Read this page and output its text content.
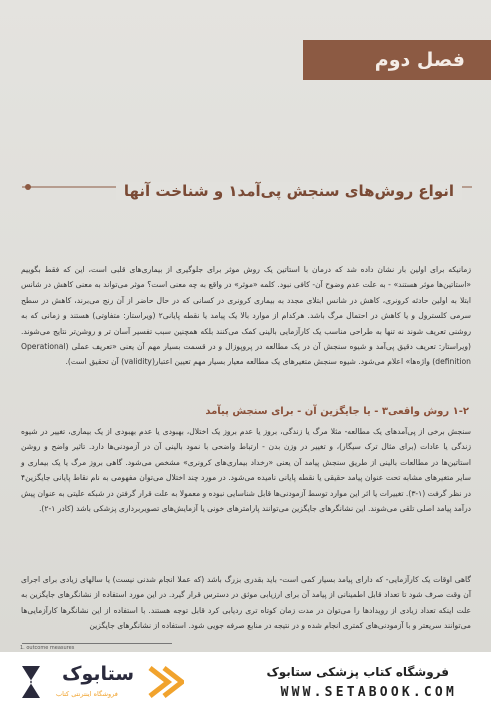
فصل دوم
انواع روش‌های سنجش پی‌آمد۱ و شناخت آنها
زمانیکه برای اولین بار نشان داده شد که درمان با استاتین یک روش موثر برای جلوگیری از بیماری‌های قلبی است، این که فقط بگوییم «استاتین‌ها موثر هستند» - به علت عدم وضوح آن- کافی نبود. کلمه «موثر» در واقع به چه معنی است؟ موثر می‌تواند به معنی کاهش در شانس ابتلا به اولین حادثه کرونری، کاهش در شانس ابتلای مجدد به بیماری کرونری در کسانی که در حال حاضر از آن رنج می‌برند، کاهش در سطح سرمی کلسترول و یا کاهش در احتمال مرگ باشد. هرکدام از موارد بالا یک پیامد یا نقطه پایانی۲ (ویراستار: متفاوتی) هستند و زمانی که به روشنی تعریف شوند نه تنها به طراحی مناسب یک کارآزمایی بالینی کمک می‌کنند بلکه همچنین سبب تفسیر آسان تر و روشن‌تر نتایج می‌شوند. (ویراستار: تعریف دقیق پی‌آمد و شیوه سنجش آن در یک مطالعه در پروپوزال و در قسمت بسیار مهم آن یعنی «تعریف عملی (Operational definition) واژه‌ها» اعلام می‌شود. شیوه سنجش متغیرهای یک مطالعه معیار بسیار مهم تعیین اعتبار(validity) آن تحقیق است).
۱-۲ روش واقعی۳ - یا جایگزین آن - برای سنجش پیآمد
سنجش برخی از پی‌آمدهای یک مطالعه- مثلا مرگ یا زندگی، بروز یا عدم بروز یک اختلال، بهبودی یا عدم بهبودی از یک بیماری، تغییر در شیوه زندگی یا عادات (برای مثال ترک سیگار)، و تغییر در وزن بدن - ارتباط واضحی با نمود بالینی آن در آزمودنی‌ها دارد. تاثیر واضح و روشن استاتین‌ها در مطالعات بالینی از طریق سنجش پیامد آن یعنی «رخداد بیماری‌های کرونری» مشخص می‌شود. گاهی بروز مرگ یا یک بیماری و سایر متغیرهای مشابه تحت عنوان پیامد حقیقی یا نقطه پایانی نامیده می‌شود. در مورد چند اختلال می‌توان مفهومی به نام نقاط پایانی جایگزین۴ در نظر گرفت (۱-۳). تغییرات یا اثر این موارد توسط آزمودنی‌ها قابل شناسایی نبوده و معمولا به علت قرار گرفتن در شبکه علیتی به عنوان پیش درآمد پیامد اصلی تلقی می‌شوند. این نشانگرهای جایگزین می‌توانند پارامترهای خونی یا آزمایش‌های تصویربرداری پزشکی باشد (کادر ۱-۲).
گاهی اوقات یک کارآزمایی- که دارای پیامد بسیار کمی است- باید بقدری بزرگ باشد (که عملا انجام شدنی نیست) یا سالهای زیادی برای اجرای آن وقت صرف شود تا تعداد قابل اطمینانی از پیامد آن برای ارزیابی موثق در دسترس قرار گیرد. در این مورد استفاده از نشانگرهای جایگزین به علت اینکه تعداد زیادی از رویدادها را می‌توان در مدت زمان کوتاه تری ردیابی کرد قابل توجه هستند. با استفاده از این نشانگرها کارآزمایی‌ها می‌توانند سریعتر و با آزمودنی‌های کمتری انجام شده و در نتیجه در منابع صرفه جویی شود. استفاده از نشانگرهای جایگزین
1. outcome measures
ستابوک
فروشگاه اینترنتی کتاب
فروشگاه کتاب پزشکی ستابوک
WWW.SETABOOK.COM
